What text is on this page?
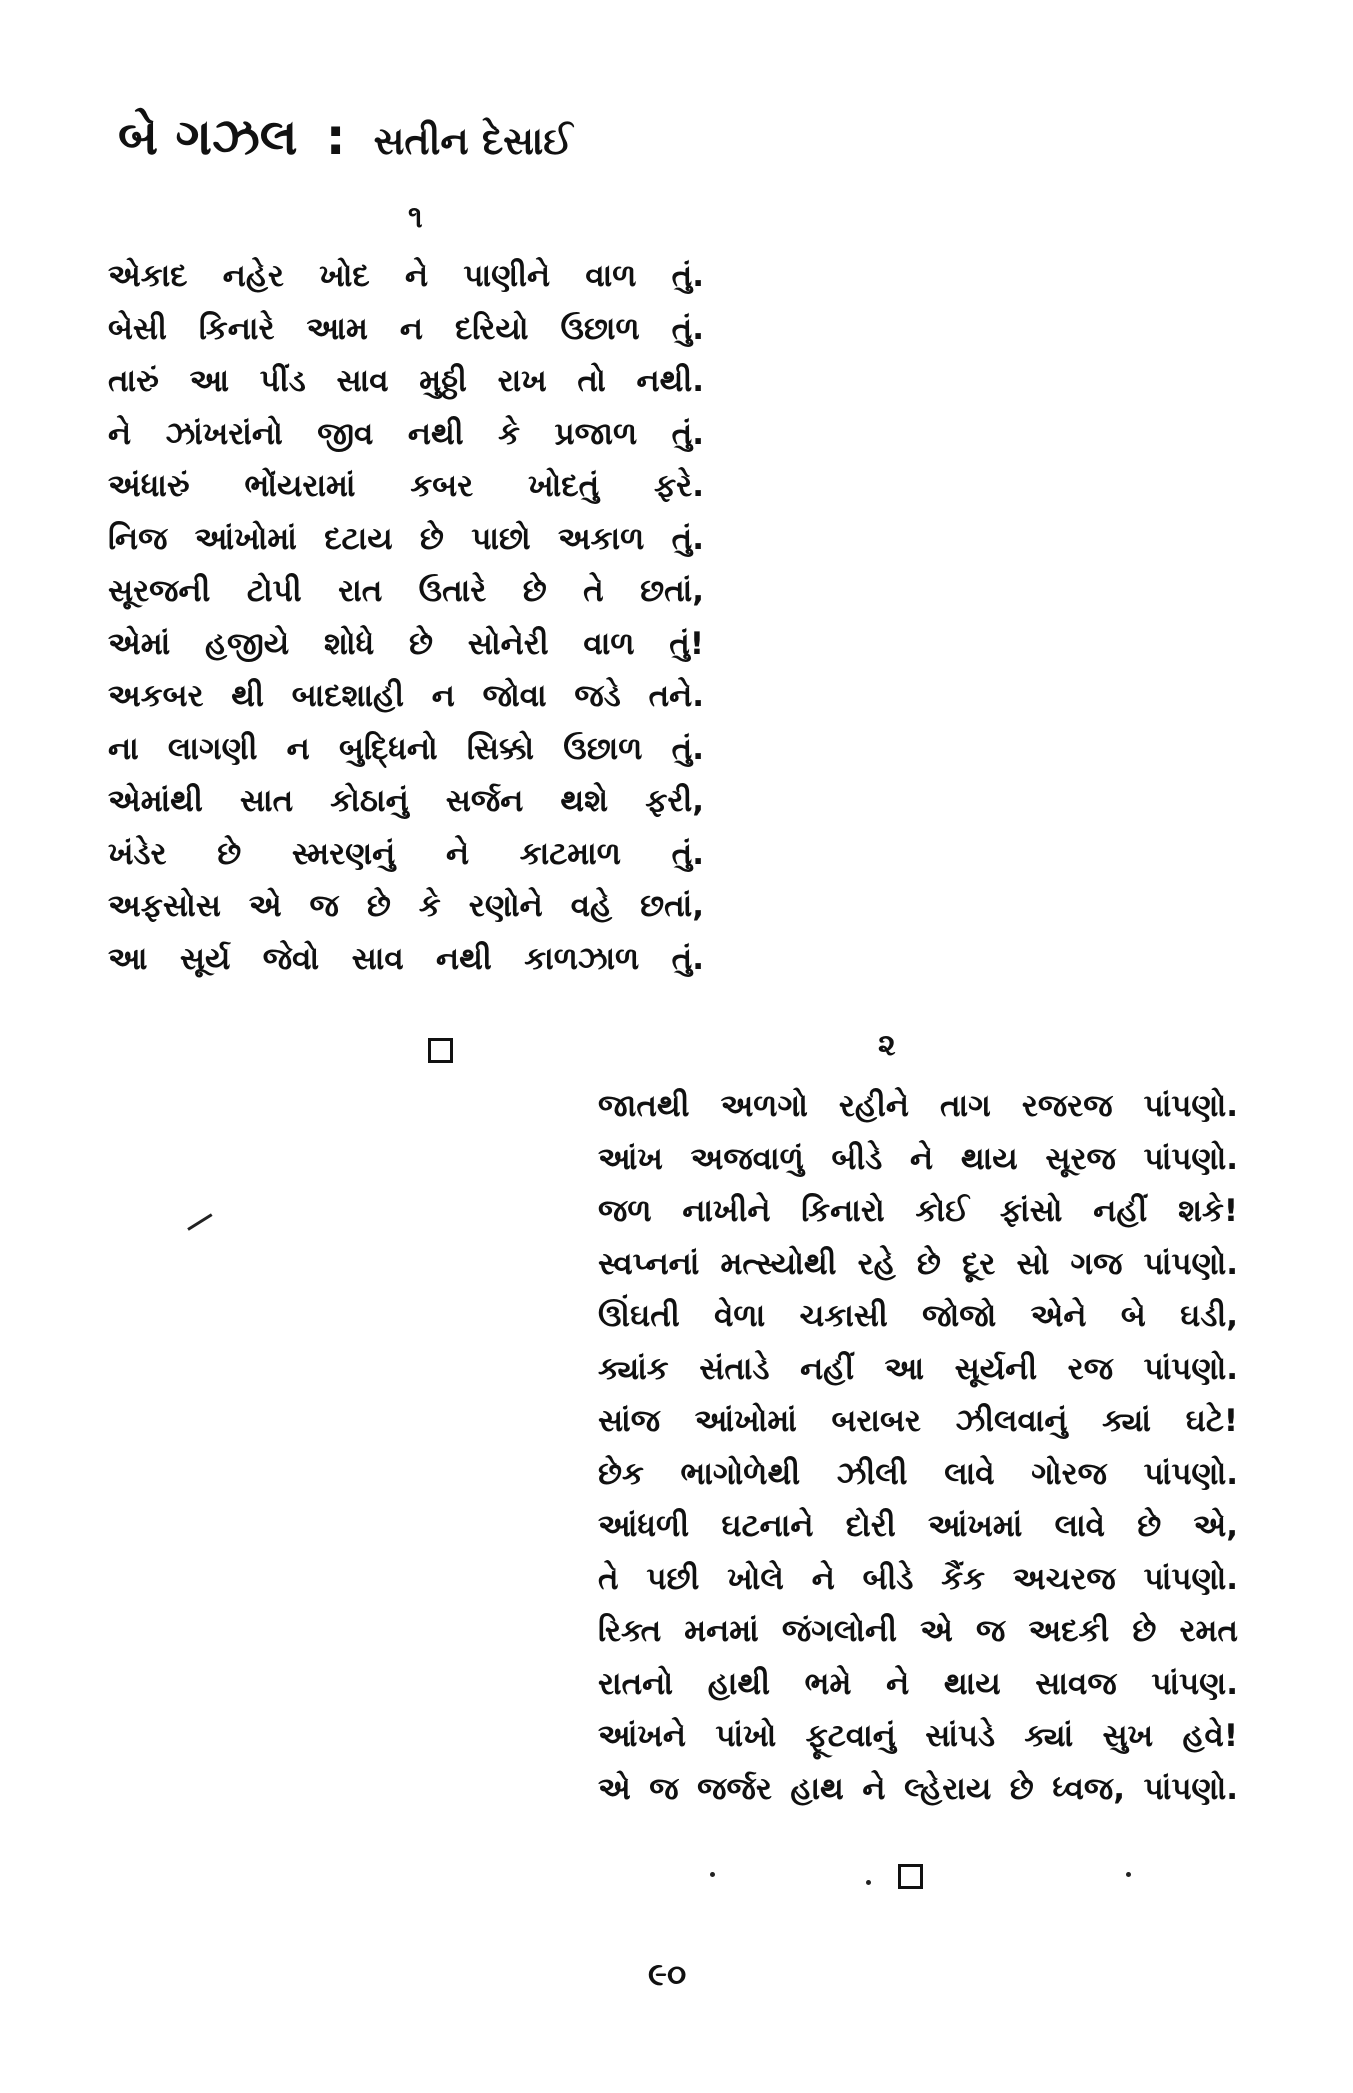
બે ગઝલ : સતીન દેસાઈ
૧
એકાદ નહેર ખોદ ને પાણીને વાળ તું.
બેસી કિનારે આમ ન દરિયો ઉછાળ તું.
તારું આ પીંડ સાવ મુઠ્ઠી રાખ તો નથી.
ને ઝાંખરાંનો જીવ નથી કે પ્રજાળ તું.
અંધારું ભોંયરામાં કબર ખોદતું ફરે.
નિજ આંખોમાં દટાય છે પાછો અકાળ તું.
સૂરજની ટોપી રાત ઉતારે છે તે છતાં,
એમાં હજીયે શોધે છે સોનેરી વાળ તું!
અકબર થી બાદશાહી ન જોવા જડે તને.
ના લાગણી ન બુદ્ધિનો સિક્કો ઉછાળ તું.
એમાંથી સાત કોઠાનું સર્જન થશે ફરી,
ખંડેર છે સ્મરણનું ને કાટમાળ તું.
અફસોસ એ જ છે કે રણોને વહે છતાં,
આ સૂર્ય જેવો સાવ નથી કાળઝાળ તું.
૨
જાતથી અળગો રહીને તાગ રજરજ પાંપણો.
આંખ અજવાળું બીડે ને થાય સૂરજ પાંપણો.
જળ નાખીને કિનારો કોઈ ફાંસો નહીં શકે!
સ્વપ્નનાં મત્સ્યોથી રહે છે દૂર સો ગજ પાંપણો.
ઊંઘતી વેળા ચકાસી જોજો એને બે ઘડી,
ક્યાંક સંતાડે નહીં આ સૂર્યની રજ પાંપણો.
સાંજ આંખોમાં બરાબર ઝીલવાનું ક્યાં ઘટે!
છેક ભાગોળેથી ઝીલી લાવે ગોરજ પાંપણો.
આંધળી ઘટનાને દોરી આંખમાં લાવે છે એ,
તે પછી ખોલે ને બીડે કૈંક અચરજ પાંપણો.
રિક્ત મનમાં જંગલોની એ જ અદકી છે રમત
રાતનો હાથી ભમે ને થાય સાવજ પાંપણ.
આંખને પાંખો ફૂટવાનું સાંપડે ક્યાં સુખ હવે!
એ જ જર્જર હાથ ને લ્હેરાય છે ધ્વજ, પાંપણો.
૯૦
